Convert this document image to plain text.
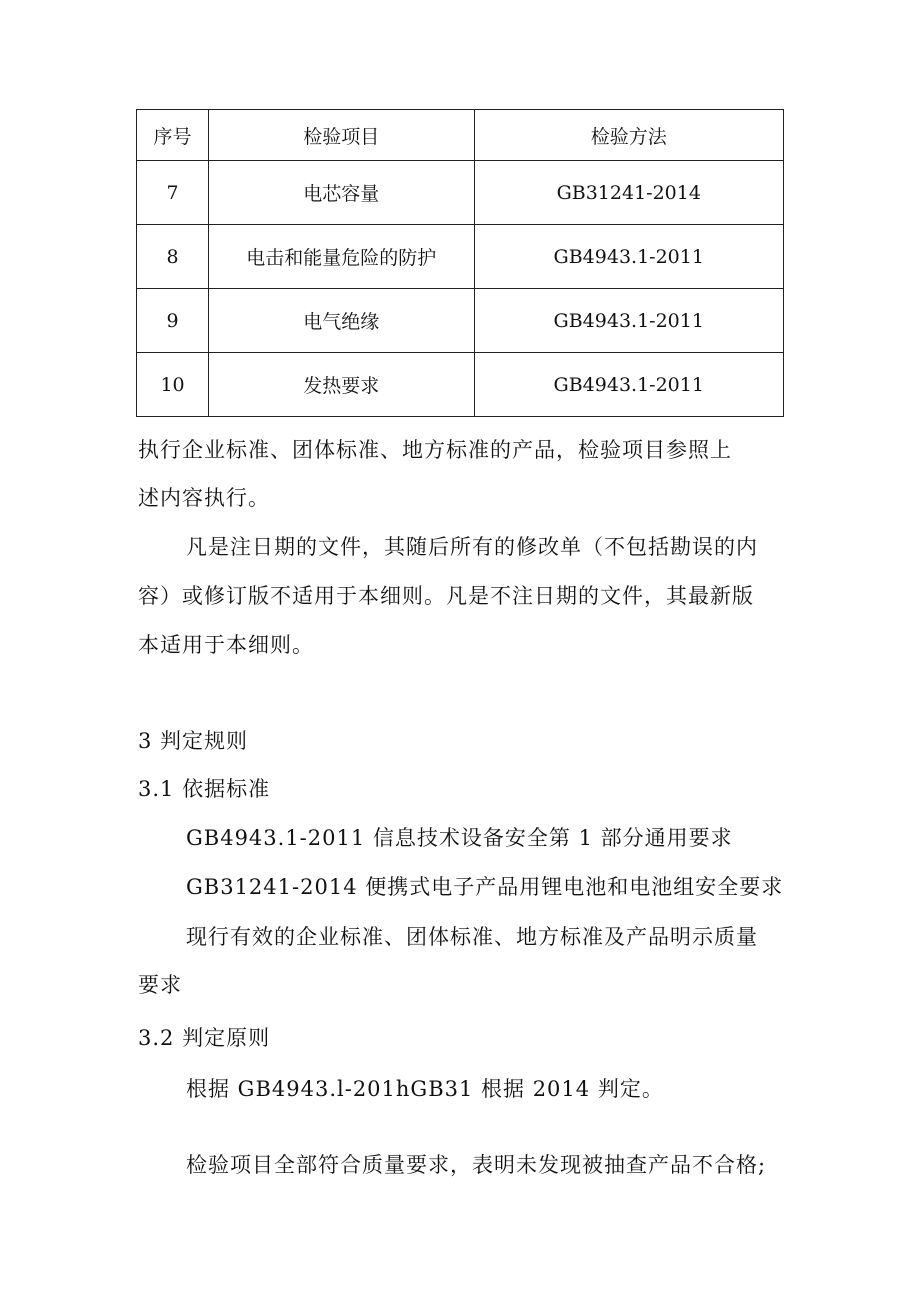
序号	检验项目	检验方法
7	电芯容量	GB31241-2014
8	电击和能量危险的防护	GB4943.1-2011
9	电气绝缘	GB4943.1-2011
10	发热要求	GB4943.1-2011
执行企业标准、团体标准、地方标准的产品，检验项目参照上
述内容执行。
凡是注日期的文件，其随后所有的修改单（不包括勘误的内
容）或修订版不适用于本细则。凡是不注日期的文件，其最新版
本适用于本细则。
3 判定规则
3.1 依据标准
GB4943.1-2011 信息技术设备安全第 1 部分通用要求
GB31241-2014 便携式电子产品用锂电池和电池组安全要求
现行有效的企业标准、团体标准、地方标准及产品明示质量
要求
3.2 判定原则
根据 GB4943.l-201hGB31 根据 2014 判定。
检验项目全部符合质量要求，表明未发现被抽查产品不合格;
